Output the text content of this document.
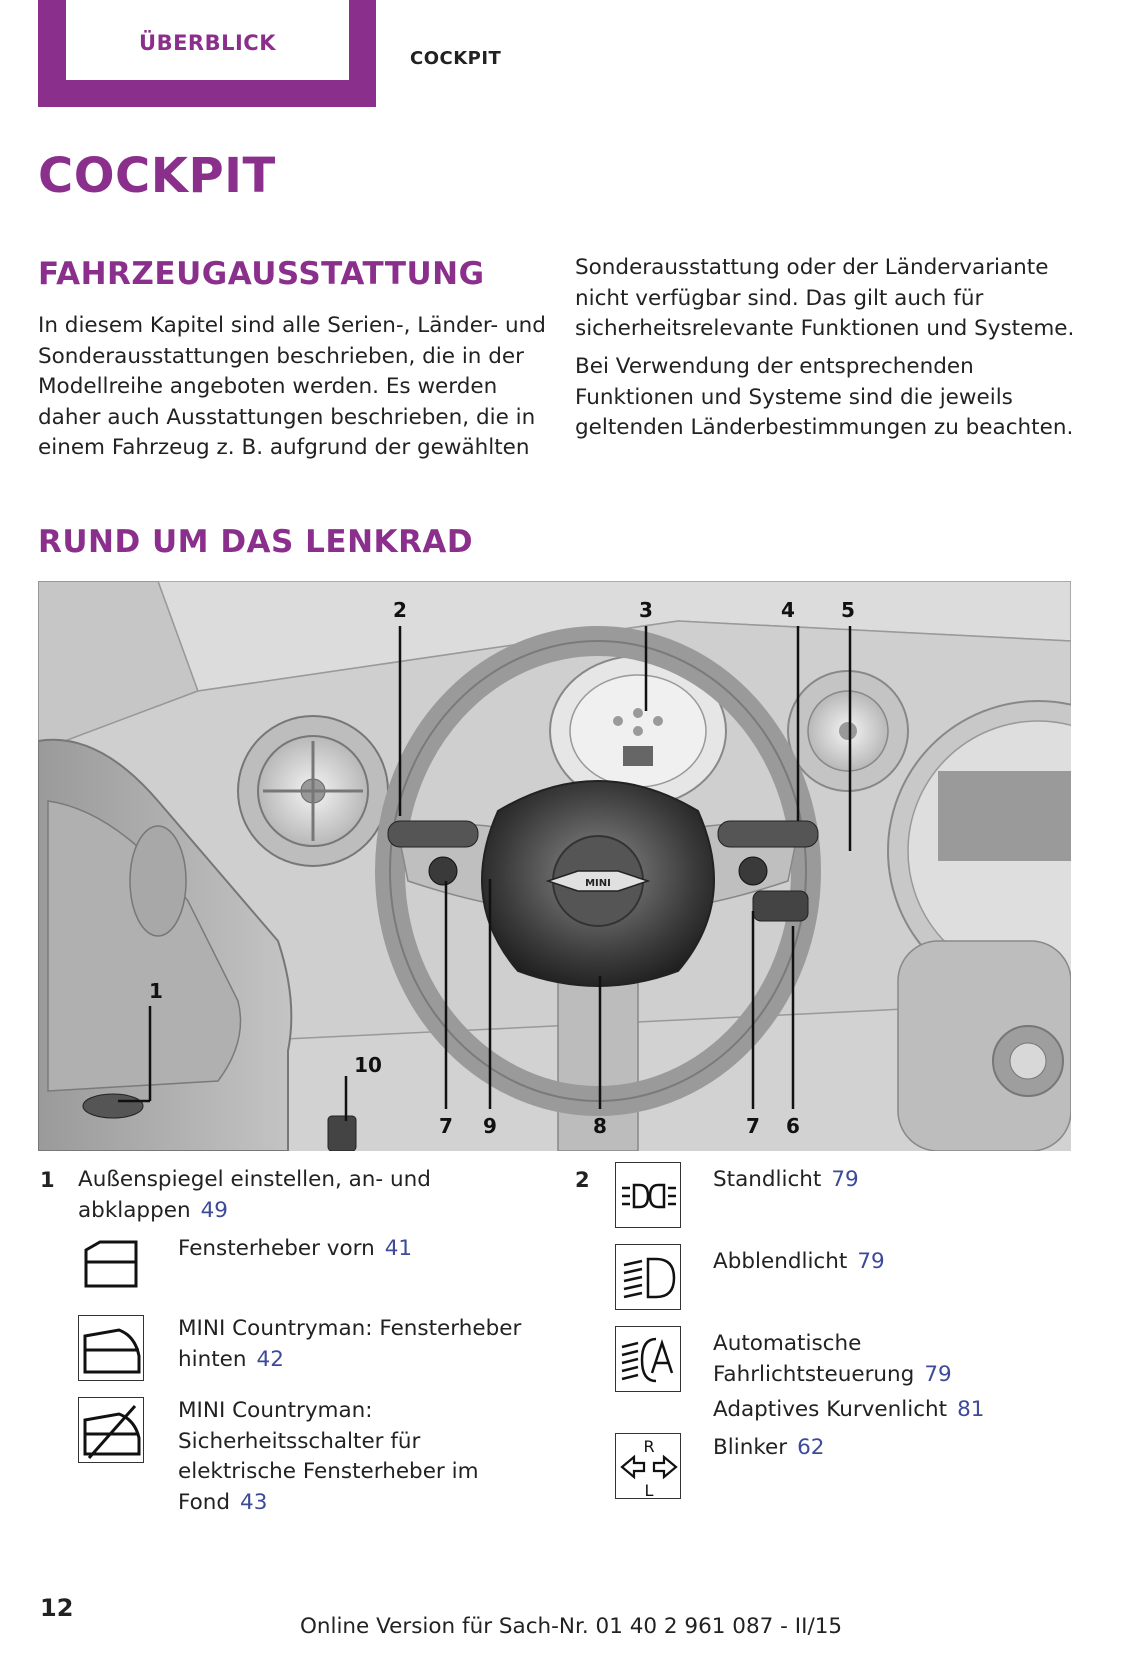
ÜBERBLICK
COCKPIT
COCKPIT
FAHRZEUGAUSSTATTUNG

In diesem Kapitel sind alle Serien-, Länder- und Sonderausstattungen beschrieben, die in der Modellreihe angeboten werden. Es werden daher auch Ausstattungen beschrieben, die in einem Fahrzeug z. B. aufgrund der gewählten

Sonderausstattung oder der Ländervariante nicht verfügbar sind. Das gilt auch für sicherheitsrelevante Funktionen und Systeme.

Bei Verwendung der entsprechenden Funktionen und Systeme sind die jeweils geltenden Länderbestimmungen zu beachten.

RUND UM DAS LENKRAD
MINI
2	3	4 5
1
10
7 9	8	7 6
1 Außenspiegel einstellen, an- und abklappen 49
Fensterheber vorn 41
MINI Countryman: Fensterheber hinten 42
MINI Countryman: Sicherheitsschalter für elektrische Fensterheber im Fond 43
2	Standlicht 79
Abblendlicht 79
Automatische Fahrlichtsteuerung 79
Adaptives Kurvenlicht 81
R
L
Blinker 62
12
Online Version für Sach-Nr. 01 40 2 961 087 - II/15
